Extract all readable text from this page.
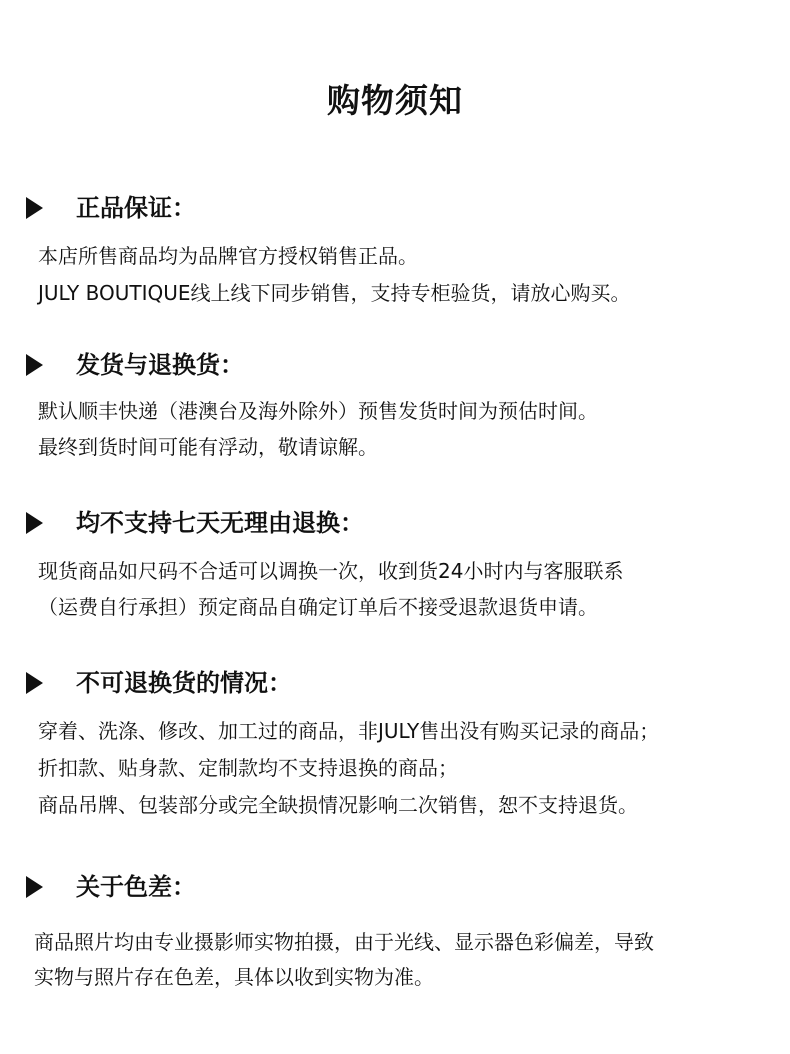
购物须知
正品保证：
本店所售商品均为品牌官方授权销售正品。
JULY BOUTIQUE线上线下同步销售，支持专柜验货，请放心购买。
发货与退换货：
默认顺丰快递（港澳台及海外除外）预售发货时间为预估时间。
最终到货时间可能有浮动，敬请谅解。
均不支持七天无理由退换：
现货商品如尺码不合适可以调换一次，收到货24小时内与客服联系
（运费自行承担）预定商品自确定订单后不接受退款退货申请。
不可退换货的情况：
穿着、洗涤、修改、加工过的商品，非JULY售出没有购买记录的商品；
折扣款、贴身款、定制款均不支持退换的商品；
商品吊牌、包装部分或完全缺损情况影响二次销售，恕不支持退货。
关于色差：
商品照片均由专业摄影师实物拍摄，由于光线、显示器色彩偏差，导致
实物与照片存在色差，具体以收到实物为准。
